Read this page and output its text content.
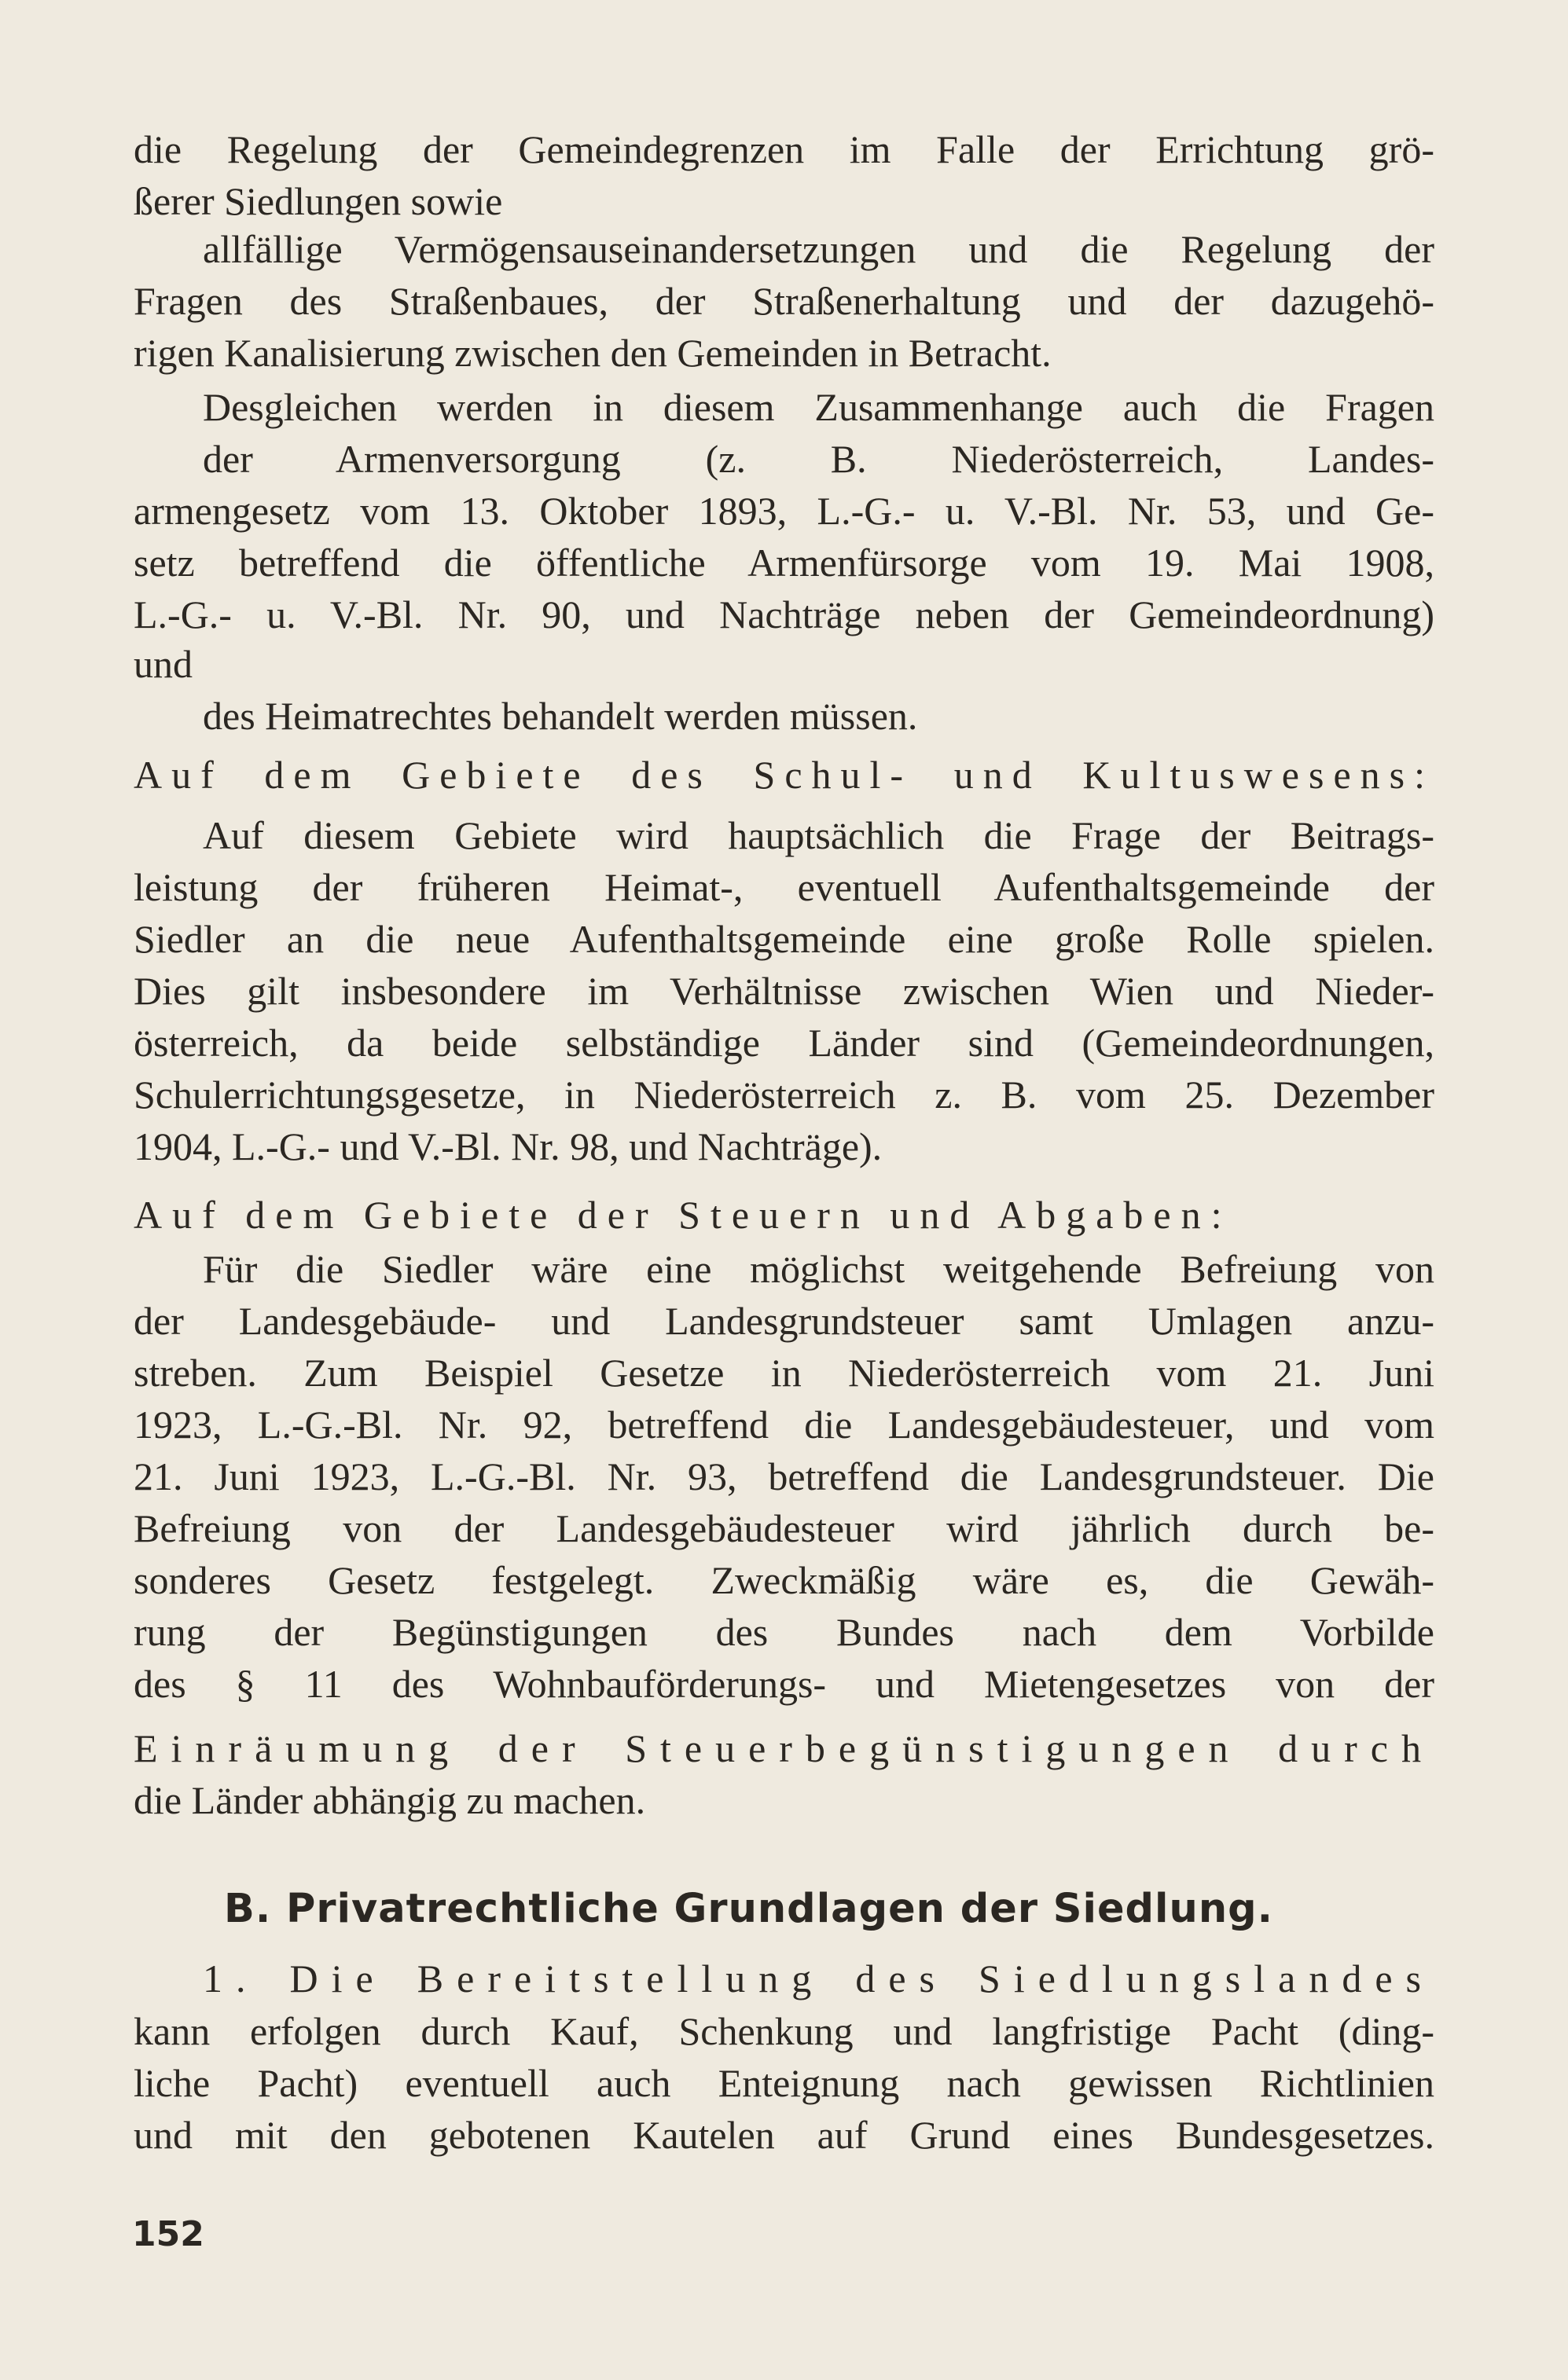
die Regelung der Gemeindegrenzen im Falle der Errichtung grö-
ßerer Siedlungen sowie
allfällige Vermögensauseinandersetzungen und die Regelung der
Fragen des Straßenbaues, der Straßenerhaltung und der dazugehö-
rigen Kanalisierung zwischen den Gemeinden in Betracht.
Desgleichen werden in diesem Zusammenhange auch die Fragen
der Armenversorgung (z. B. Niederösterreich, Landes-
armengesetz vom 13. Oktober 1893, L.-G.- u. V.-Bl. Nr. 53, und Ge-
setz betreffend die öffentliche Armenfürsorge vom 19. Mai 1908,
L.-G.- u. V.-Bl. Nr. 90, und Nachträge neben der Gemeindeordnung)
und
des Heimatrechtes behandelt werden müssen.
Auf dem Gebiete des Schul- und Kultuswesens:
Auf diesem Gebiete wird hauptsächlich die Frage der Beitrags-
leistung der früheren Heimat-, eventuell Aufenthaltsgemeinde der
Siedler an die neue Aufenthaltsgemeinde eine große Rolle spielen.
Dies gilt insbesondere im Verhältnisse zwischen Wien und Nieder-
österreich, da beide selbständige Länder sind (Gemeindeordnungen,
Schulerrichtungsgesetze, in Niederösterreich z. B. vom 25. Dezember
1904, L.-G.- und V.-Bl. Nr. 98, und Nachträge).
Auf dem Gebiete der Steuern und Abgaben:
Für die Siedler wäre eine möglichst weitgehende Befreiung von
der Landesgebäude- und Landesgrundsteuer samt Umlagen anzu-
streben. Zum Beispiel Gesetze in Niederösterreich vom 21. Juni
1923, L.-G.-Bl. Nr. 92, betreffend die Landesgebäudesteuer, und vom
21. Juni 1923, L.-G.-Bl. Nr. 93, betreffend die Landesgrundsteuer. Die
Befreiung von der Landesgebäudesteuer wird jährlich durch be-
sonderes Gesetz festgelegt. Zweckmäßig wäre es, die Gewäh-
rung der Begünstigungen des Bundes nach dem Vorbilde
des § 11 des Wohnbauförderungs- und Mietengesetzes von der
Einräumung der Steuerbegünstigungen durch
die Länder abhängig zu machen.
B. Privatrechtliche Grundlagen der Siedlung.
1. Die Bereitstellung des Siedlungslandes
kann erfolgen durch Kauf, Schenkung und langfristige Pacht (ding-
liche Pacht) eventuell auch Enteignung nach gewissen Richtlinien
und mit den gebotenen Kautelen auf Grund eines Bundesgesetzes.
152
